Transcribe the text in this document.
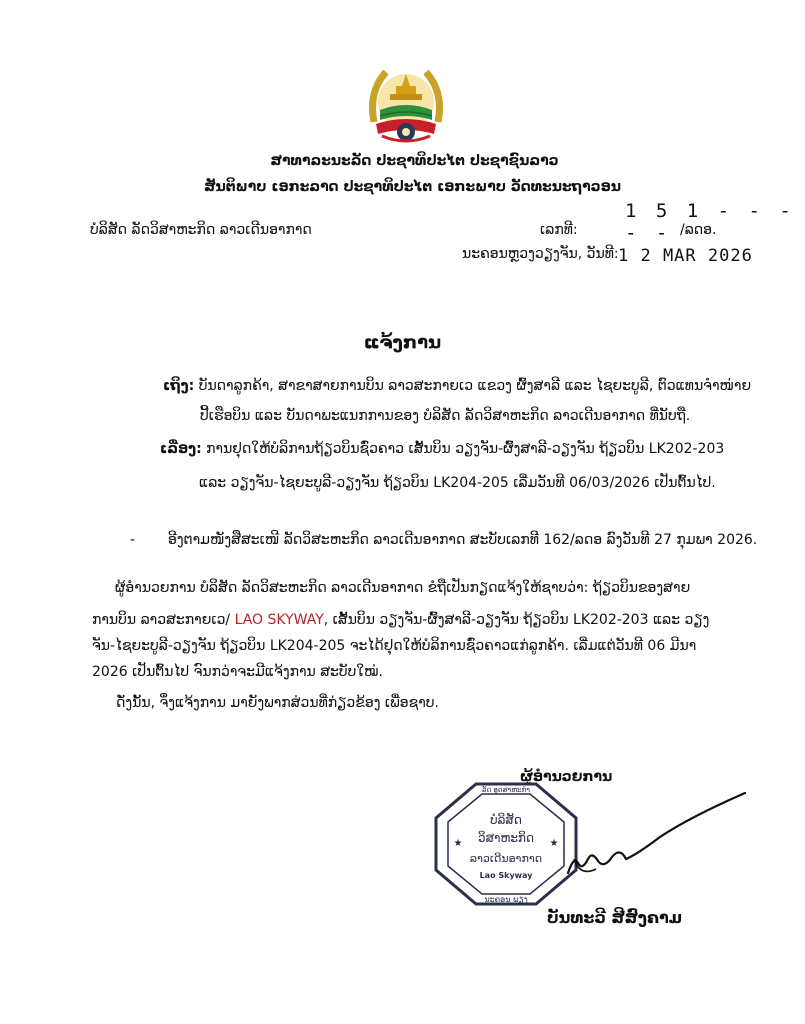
ສາທາລະນະລັດ ປະຊາທິປະໄຕ ປະຊາຊົນລາວ
ສັນຕິພາບ ເອກະລາດ ປະຊາທິປະໄຕ ເອກະພາບ ວັດທະນະຖາວອນ
ບໍລິສັດ ລັດວິສາຫະກິດ ລາວເດີນອາກາດ	ເລກທີ:
1 5 1 - - - - - /ລດອ.
ນະຄອນຫຼວງວຽງຈັນ, ວັນທີ: 1 2 MAR 2026
ແຈ້ງການ
ເຖິງ: ບັນດາລູກຄ້າ, ສາຂາສາຍການບິນ ລາວສະກາຍເວ ແຂວງ ຜົ້ງສາລີ ແລະ ໄຊຍະບູລີ, ຕົວແທນຈໍາໜ່າຍ
ປີ້ເຮືອບິນ ແລະ ບັນດາພະແນກການຂອງ ບໍລິສັດ ລັດວິສາຫະກິດ ລາວເດີນອາກາດ ທີ່ນັບຖື.
ເລື່ອງ: ການຢຸດໃຫ້ບໍລິການຖ້ຽວບິນຊົ່ວຄາວ ເສັ້ນບິນ ວຽງຈັນ-ຜົ້ງສາລີ-ວຽງຈັນ ຖ້ຽວບິນ LK202-203
ແລະ ວຽງຈັນ-ໄຊຍະບູລີ-ວຽງຈັນ ຖ້ຽວບິນ LK204-205 ເລີ່ມວັນທີ 06/03/2026 ເປັນຕົ້ນໄປ.
- ອີງຕາມໜັງສືສະເໜີ ລັດວິສະຫະກິດ ລາວເດີນອາກາດ ສະບັບເລກທີ 162/ລດອ ລົງວັນທີ 27 ກຸມພາ 2026.
ຜູ້ອໍານວຍການ ບໍລິສັດ ລັດວິສະຫະກິດ ລາວເດີນອາກາດ ຂໍຖືເປັນກຽດແຈ້ງໃຫ້ຊາບວ່າ: ຖ້ຽວບິນຂອງສາຍ
ການບິນ ລາວສະກາຍເວ/ LAO SKYWAY, ເສັ້ນບິນ ວຽງຈັນ-ຜົ້ງສາລີ-ວຽງຈັນ ຖ້ຽວບິນ LK202-203 ແລະ ວຽງ
ຈັນ-ໄຊຍະບູລີ-ວຽງຈັນ ຖ້ຽວບິນ LK204-205 ຈະໄດ້ຢຸດໃຫ້ບໍລິການຊົ່ວຄາວແກ່ລູກຄ້າ. ເລີ່ມແຕ່ວັນທີ 06 ມີນາ
2026 ເປັນຕົ້ນໄປ ຈົນກວ່າຈະມີແຈ້ງການ ສະບັບໃໝ່.
ດັ່ງນັ້ນ, ຈຶ່ງແຈ້ງການ ມາຍັງພາກສ່ວນທີ່ກ່ຽວຂ້ອງ ເພື່ອຊາບ.
ຜູ້ອໍານວຍການ
ລັດ ອຸດສາຫະກໍາ
ນະຄອນ ພຽງ
ບໍລິສັດ
ວິສາຫະກິດ
ລາວເດີນອາກາດ
Lao Skyway
★	★
ບັນທະວີ ສີສົງຄາມ
